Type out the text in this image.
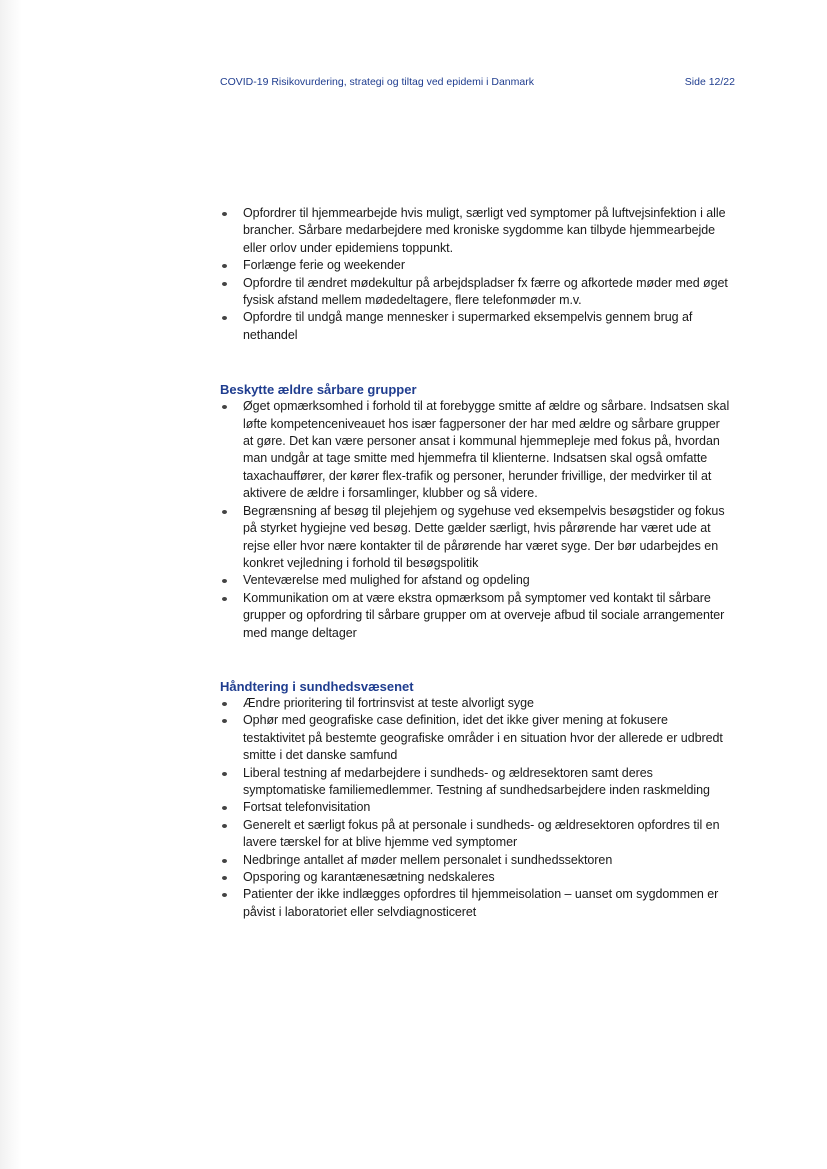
COVID-19 Risikovurdering, strategi og tiltag ved epidemi i Danmark	Side 12/22
Opfordrer til hjemmearbejde hvis muligt, særligt ved symptomer på luftvejsinfektion i alle brancher. Sårbare medarbejdere med kroniske sygdomme kan tilbyde hjemmearbejde eller orlov under epidemiens toppunkt.
Forlænge ferie og weekender
Opfordre til ændret mødekultur på arbejdspladser fx færre og afkortede møder med øget fysisk afstand mellem mødedeltagere, flere telefonmøder m.v.
Opfordre til undgå mange mennesker i supermarked eksempelvis gennem brug af nethandel
Beskytte ældre sårbare grupper
Øget opmærksomhed i forhold til at forebygge smitte af ældre og sårbare. Indsatsen skal løfte kompetenceniveauet hos især fagpersoner der har med ældre og sårbare grupper at gøre. Det kan være personer ansat i kommunal hjemmepleje med fokus på, hvordan man undgår at tage smitte med hjemmefra til klienterne. Indsatsen skal også omfatte taxachauffører, der kører flex-trafik og personer, herunder frivillige, der medvirker til at aktivere de ældre i forsamlinger, klubber og så videre.
Begrænsning af besøg til plejehjem og sygehuse ved eksempelvis besøgstider og fokus på styrket hygiejne ved besøg. Dette gælder særligt, hvis pårørende har været ude at rejse eller hvor nære kontakter til de pårørende har været syge. Der bør udarbejdes en konkret vejledning i forhold til besøgspolitik
Venteværelse med mulighed for afstand og opdeling
Kommunikation om at være ekstra opmærksom på symptomer ved kontakt til sårbare grupper og opfordring til sårbare grupper om at overveje afbud til sociale arrangementer med mange deltager
Håndtering i sundhedsvæsenet
Ændre prioritering til fortrinsvist at teste alvorligt syge
Ophør med geografiske case definition, idet det ikke giver mening at fokusere testaktivitet på bestemte geografiske områder i en situation hvor der allerede er udbredt smitte i det danske samfund
Liberal testning af medarbejdere i sundheds- og ældresektoren samt deres symptomatiske familiemedlemmer. Testning af sundhedsarbejdere inden raskmelding
Fortsat telefonvisitation
Generelt et særligt fokus på at personale i sundheds- og ældresektoren opfordres til en lavere tærskel for at blive hjemme ved symptomer
Nedbringe antallet af møder mellem personalet i sundhedssektoren
Opsporing og karantænesætning nedskaleres
Patienter der ikke indlægges opfordres til hjemmeisolation – uanset om sygdommen er påvist i laboratoriet eller selvdiagnosticeret
